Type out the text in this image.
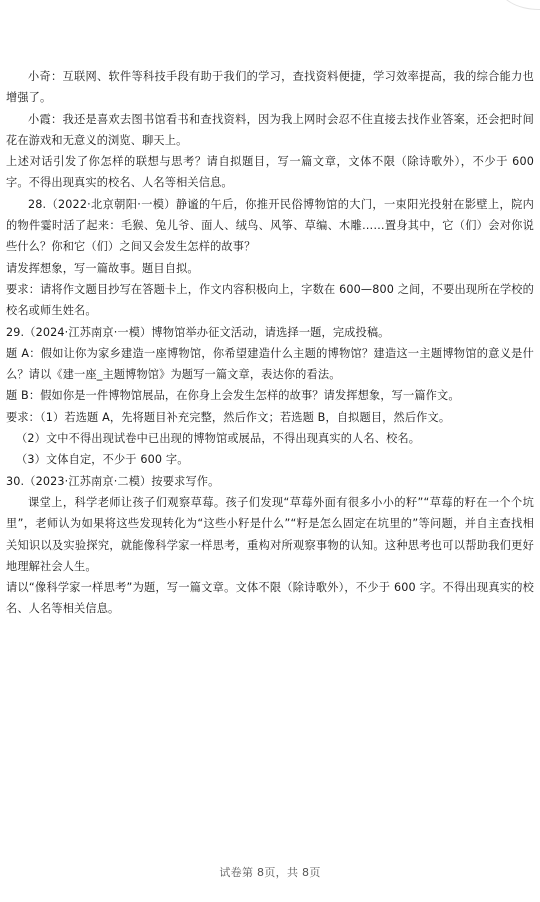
小奇：互联网、软件等科技手段有助于我们的学习，查找资料便捷，学习效率提高，我的综合能力也增强了。

小霞：我还是喜欢去图书馆看书和查找资料，因为我上网时会忍不住直接去找作业答案，还会把时间花在游戏和无意义的浏览、聊天上。

上述对话引发了你怎样的联想与思考？请自拟题目，写一篇文章，文体不限（除诗歌外），不少于 600 字。不得出现真实的校名、人名等相关信息。

28.（2022·北京朝阳·一模）静谧的午后，你推开民俗博物馆的大门，一束阳光投射在影壁上，院内的物件霎时活了起来：毛猴、兔儿爷、面人、绒鸟、风筝、草编、木雕……置身其中，它（们）会对你说些什么？你和它（们）之间又会发生怎样的故事？

请发挥想象，写一篇故事。题目自拟。

要求：请将作文题目抄写在答题卡上，作文内容积极向上，字数在 600—800 之间，不要出现所在学校的校名或师生姓名。

29.（2024·江苏南京·一模）博物馆举办征文活动，请选择一题，完成投稿。

题 A：假如让你为家乡建造一座博物馆，你希望建造什么主题的博物馆？建造这一主题博物馆的意义是什么？请以《建一座_主题博物馆》为题写一篇文章，表达你的看法。

题 B：假如你是一件博物馆展品，在你身上会发生怎样的故事？请发挥想象，写一篇作文。

要求：（1）若选题 A，先将题目补充完整，然后作文；若选题 B，自拟题目，然后作文。

（2）文中不得出现试卷中已出现的博物馆或展品，不得出现真实的人名、校名。

（3）文体自定，不少于 600 字。

30.（2023·江苏南京·二模）按要求写作。

课堂上，科学老师让孩子们观察草莓。孩子们发现“草莓外面有很多小小的籽”“草莓的籽在一个个坑里”，老师认为如果将这些发现转化为“这些小籽是什么”“籽是怎么固定在坑里的”等问题，并自主查找相关知识以及实验探究，就能像科学家一样思考，重构对所观察事物的认知。这种思考也可以帮助我们更好地理解社会人生。

请以“像科学家一样思考”为题，写一篇文章。文体不限（除诗歌外），不少于 600 字。不得出现真实的校名、人名等相关信息。

试卷第 8页，共 8页
